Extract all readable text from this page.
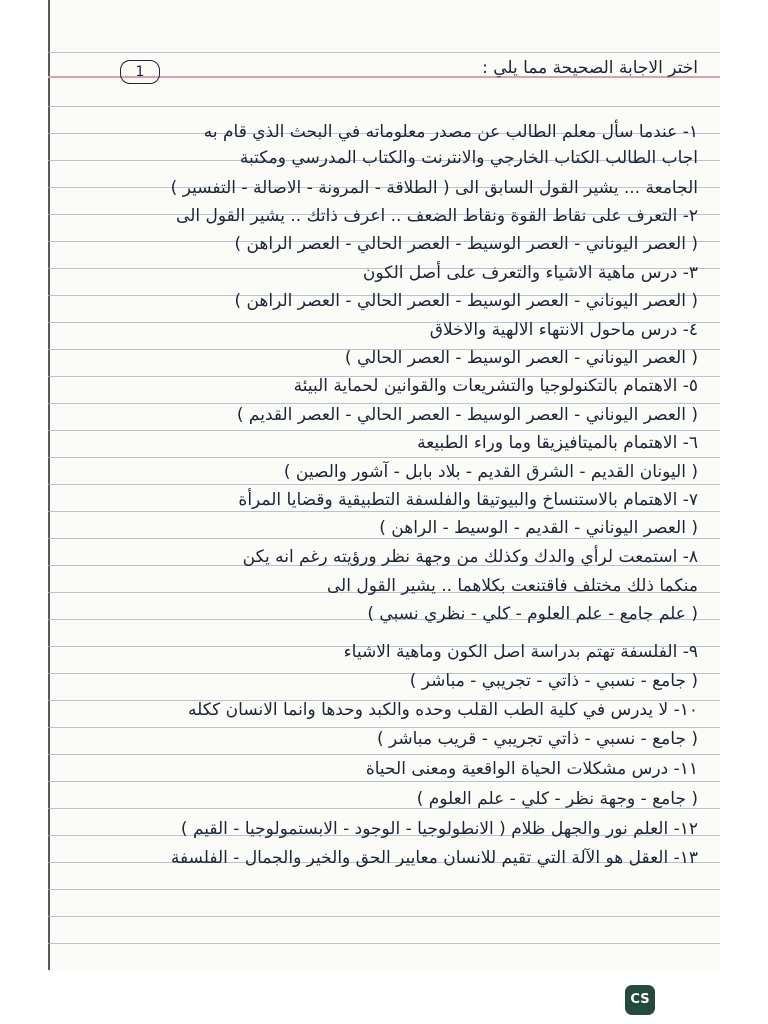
1	اختر الاجابة الصحيحة مما يلي :
١- عندما سأل معلم الطالب عن مصدر معلوماته في البحث الذي قام به
اجاب الطالب الكتاب الخارجي والانترنت والكتاب المدرسي ومكتبة
الجامعة ... يشير القول السابق الى ( الطلاقة - المرونة - الاصالة - التفسير )
٢- التعرف على نقاط القوة ونقاط الضعف .. اعرف ذاتك .. يشير القول الى
( العصر اليوناني - العصر الوسيط - العصر الحالي - العصر الراهن )
٣- درس ماهية الاشياء والتعرف على أصل الكون
( العصر اليوناني - العصر الوسيط - العصر الحالي - العصر الراهن )
٤- درس ماحول الانتهاء الالهية والاخلاق
( العصر اليوناني - العصر الوسيط - العصر الحالي )
٥- الاهتمام بالتكنولوجيا والتشريعات والقوانين لحماية البيئة
( العصر اليوناني - العصر الوسيط - العصر الحالي - العصر القديم )
٦- الاهتمام بالميتافيزيقا وما وراء الطبيعة
( اليونان القديم - الشرق القديم - بلاد بابل - آشور والصين )
٧- الاهتمام بالاستنساخ والبيوتيقا والفلسفة التطبيقية وقضايا المرأة
( العصر اليوناني - القديم - الوسيط - الراهن )
٨- استمعت لرأي والدك وكذلك من وجهة نظر ورؤيته رغم انه يكن
منكما ذلك مختلف فاقتنعت بكلاهما .. يشير القول الى
( علم جامع - علم العلوم - كلي - نظري نسبي )
٩- الفلسفة تهتم بدراسة اصل الكون وماهية الاشياء
( جامع - نسبي - ذاتي - تجريبي - مباشر )
١٠- لا يدرس في كلية الطب القلب وحده والكبد وحدها وانما الانسان ككله
( جامع - نسبي - ذاتي تجريبي - قريب مباشر )
١١- درس مشكلات الحياة الواقعية ومعنى الحياة
( جامع - وجهة نظر - كلي - علم العلوم )
١٢- العلم نور والجهل ظلام ( الانطولوجيا - الوجود - الابستمولوجيا - القيم )
١٣- العقل هو الآلة التي تقيم للانسان معايير الحق والخير والجمال - الفلسفة
CS
